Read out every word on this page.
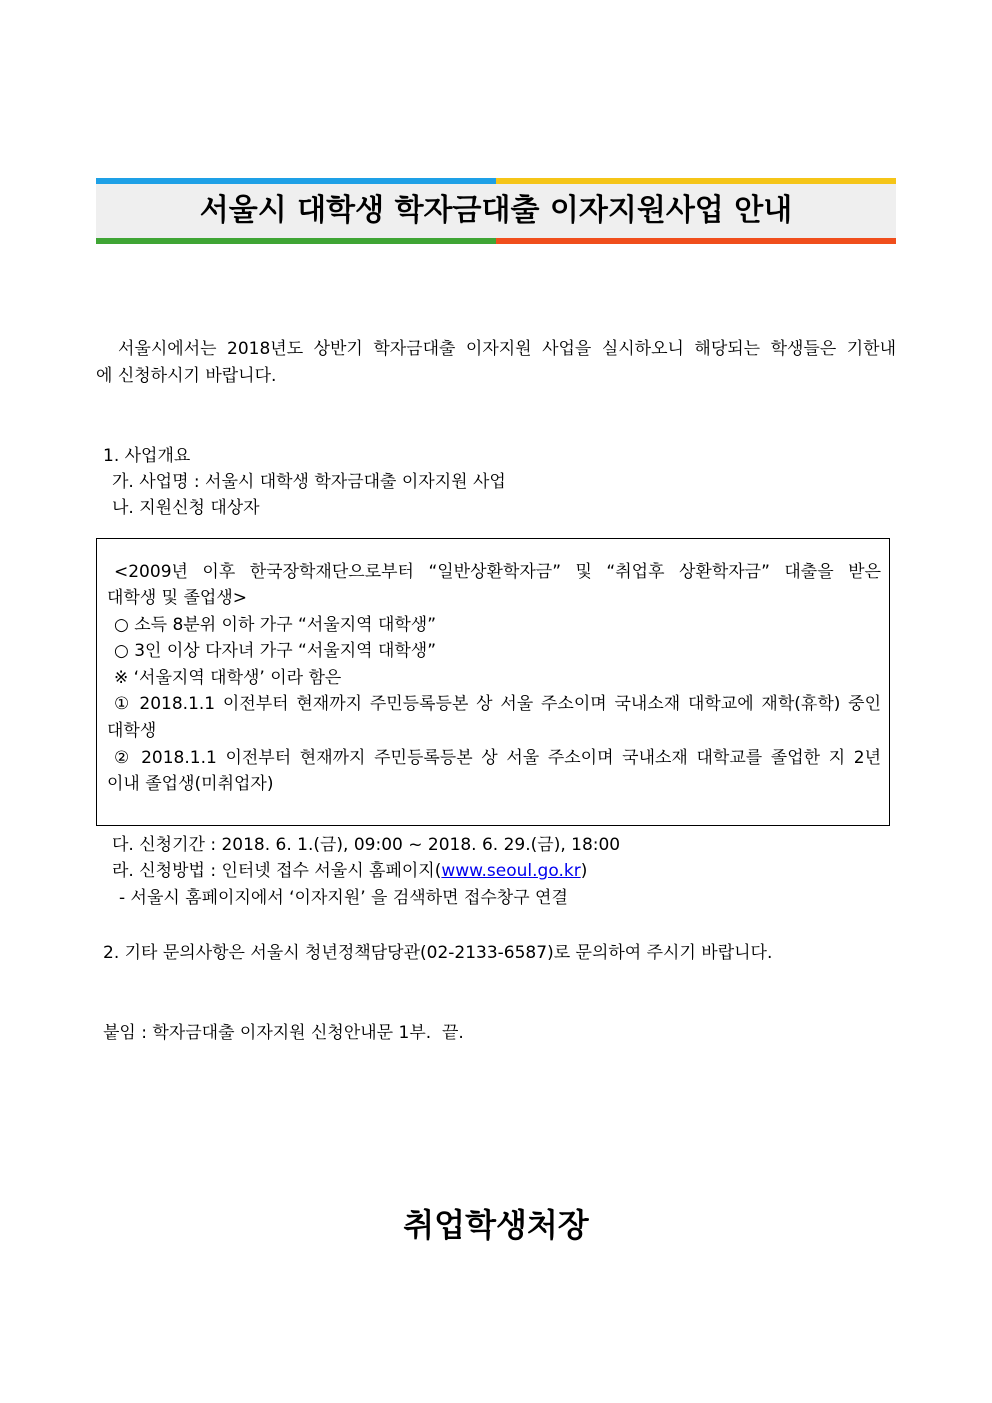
서울시 대학생 학자금대출 이자지원사업 안내
서울시에서는 2018년도 상반기 학자금대출 이자지원 사업을 실시하오니 해당되는 학생들은 기한내
에 신청하시기 바랍니다.
1. 사업개요
가. 사업명 : 서울시 대학생 학자금대출 이자지원 사업
나. 지원신청 대상자
<2009년 이후 한국장학재단으로부터 “일반상환학자금” 및 “취업후 상환학자금” 대출을 받은
대학생 및 졸업생>
○ 소득 8분위 이하 가구 “서울지역 대학생”
○ 3인 이상 다자녀 가구 “서울지역 대학생”
※ ‘서울지역 대학생’ 이라 함은
① 2018.1.1 이전부터 현재까지 주민등록등본 상 서울 주소이며 국내소재 대학교에 재학(휴학) 중인
대학생
② 2018.1.1 이전부터 현재까지 주민등록등본 상 서울 주소이며 국내소재 대학교를 졸업한 지 2년
이내 졸업생(미취업자)
다. 신청기간 : 2018. 6. 1.(금), 09:00 ~ 2018. 6. 29.(금), 18:00
라. 신청방법 : 인터넷 접수 서울시 홈페이지(www.seoul.go.kr)
- 서울시 홈페이지에서 ‘이자지원’ 을 검색하면 접수창구 연결
2. 기타 문의사항은 서울시 청년정책담당관(02-2133-6587)로 문의하여 주시기 바랍니다.
붙임 : 학자금대출 이자지원 신청안내문 1부.  끝.
취업학생처장
